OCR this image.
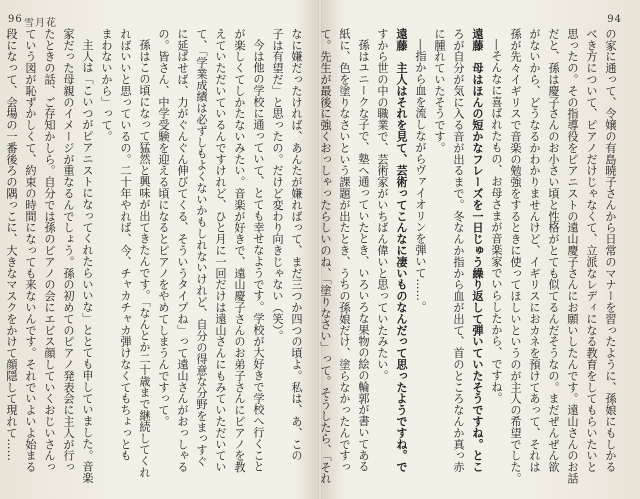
96 雪月花

なに嫌だったければ、あんたが嫌ればって、まだ三つか四つの頃よ。私は、あ、この

子は有望だ」と思ったの。だけど変わり向きじゃない（笑）。

今は他の学校に通っていて、とても幸せなようです。学校が大好きで学校へ行くこと

が楽しくてしかたないみたい。音楽が好きで、遠山慶子さんのお弟子さんにピアノを教

えていただいているんですけれど、ひと月に一回だけは遠山さんにもみていただいてい

て、「学業成績は必ずしもよくないかもしれないけれど、自分の得意な分野をまっすぐ

に延ばせば、力がぐんぐん伸びてくる、そういうタイプね」って遠山さんがおっしゃる

の。皆さん、中学受験を迎える頃になるとピアノをやめてしまうんですって。

孫はこの頃になって猛然と興味が出てきたんです。「なんとか二十歳まで継続してくれ

ればいいと思っているの。二十年やれば、今、チャカチャカ弾けなくてもちょっとも

まわないから」って。

主人は「こいつがピアニストになってくれたらいいな」ととても申していました。音楽

家だった母親のイメージが重なるんでしょう。孫の初めてのピアノ発表会に主人が行っ

たときの話、ご存知かしら。自分では孫のピアノの会にエビス顔していくおじいさんっ

ていう図が恥ずかしくて、約束の時間になっても来ないんです。それでいよいよ始まる

段になって、会場の一番後ろの隅っこに、大きなマスクをかけて顔隠して現れて……

94

の家に通って、令嬢の有島暁子さんから日常のマナーを習ったように、孫娘にもしかる

べき方について、ピアノだけじゃなくて、立派なレディになる教育をしてもらいたいと

思ったの。その指導役をピアニストの遠山慶子さんにお願いしたんです。遠山さんのお話

だと、孫は慶子さんのお小さい頃と性格がとても似てるんだそうなの。まだぜんぜん欲

がないから、どうなるかわかりませんけど、イギリスにおカネを預けてあって、それは

孫が先々イギリスで音楽の勉強をするときに使ってほしいというのが主人の希望でした。

―そんなに喜ばれたもの、お母さまが音楽家でいらしたから、ですね。

遠藤　母はほんの短かなフレーズを一日じゅう繰り返して弾いていたそうですね。とこ

ろが自分が気に入る音が出るまで。冬なんか指から血が出て、首のところなんか真っ赤

に腫れていたそうです。

―指から血を流しながらヴァイオリンを弾いて……。

遠藤　主人はそれを見て、芸術ってこんなに凄いものなんだって思ったようですね。で

すから世の中の職業で、芸術家がいちばん偉いと思っていたみたい。

孫はユニークな子で、塾へ通っていたとき、いろいろな果物の絵の輪郭が書いてある

紙に、色を塗りなさいという課題が出たとき、うちの孫娘だけ、塗らなかったんですっ

て。先生が最後に強くおっしゃったらしいのね、「塗りなさい」って。そうしたら、「それ
